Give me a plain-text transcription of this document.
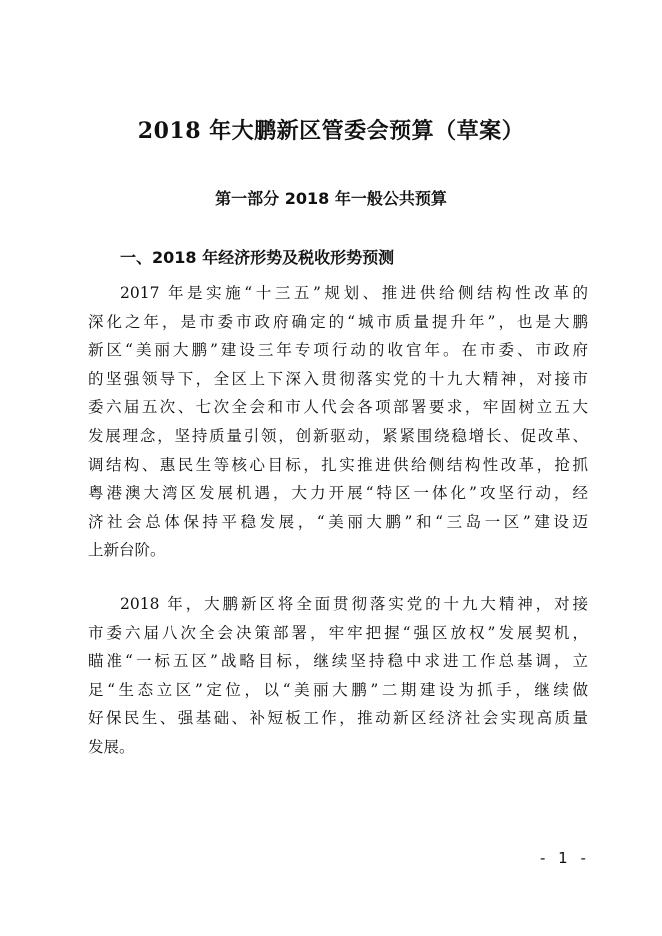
2018 年大鹏新区管委会预算（草案）
第一部分 2018 年一般公共预算
一、2018 年经济形势及税收形势预测

2017 年是实施“十三五”规划、推进供给侧结构性改革的
深化之年，是市委市政府确定的“城市质量提升年”，也是大鹏
新区“美丽大鹏”建设三年专项行动的收官年。在市委、市政府
的坚强领导下，全区上下深入贯彻落实党的十九大精神，对接市
委六届五次、七次全会和市人代会各项部署要求，牢固树立五大
发展理念，坚持质量引领，创新驱动，紧紧围绕稳增长、促改革、
调结构、惠民生等核心目标，扎实推进供给侧结构性改革，抢抓
粤港澳大湾区发展机遇，大力开展“特区一体化”攻坚行动，经
济社会总体保持平稳发展，“美丽大鹏”和“三岛一区”建设迈
上新台阶。

2018 年，大鹏新区将全面贯彻落实党的十九大精神，对接
市委六届八次全会决策部署，牢牢把握“强区放权”发展契机，
瞄准“一标五区”战略目标，继续坚持稳中求进工作总基调，立
足“生态立区”定位，以“美丽大鹏”二期建设为抓手，继续做
好保民生、强基础、补短板工作，推动新区经济社会实现高质量
发展。

- 1 -
